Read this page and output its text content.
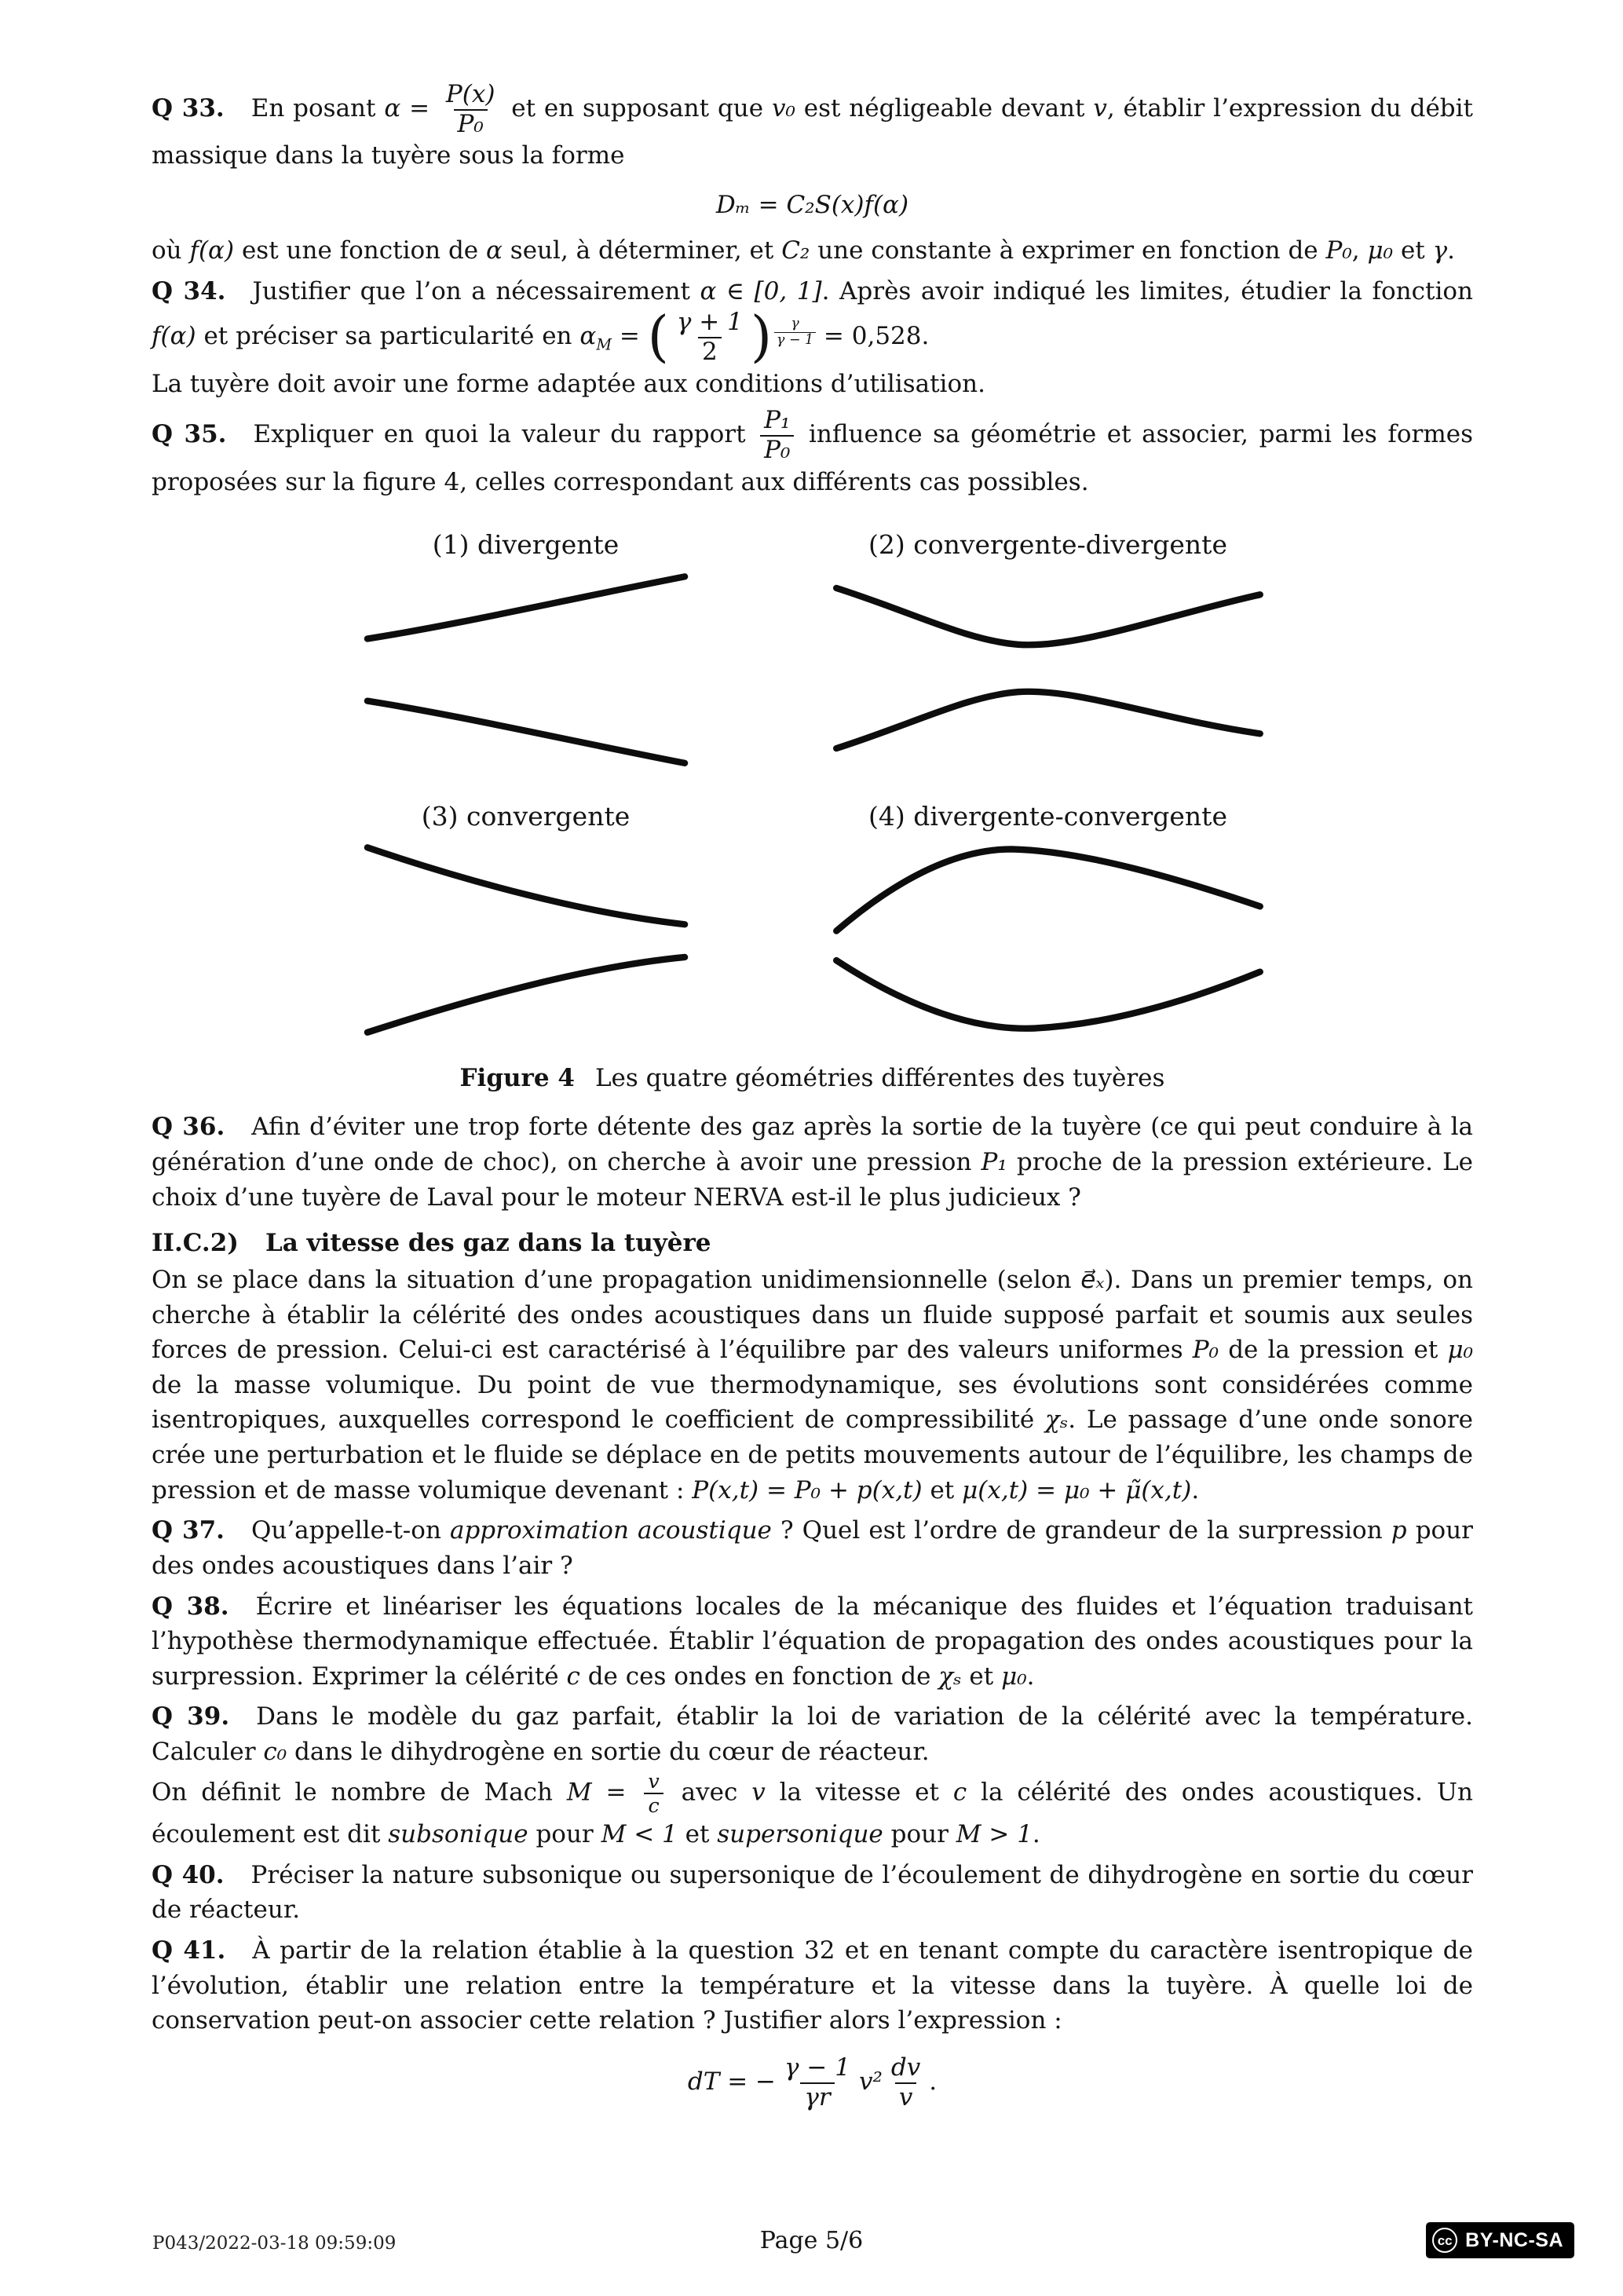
Q 33. En posant $\alpha = \frac{P(x)}{\text{P₀}}$ et en supposant que v₀ est négligeable devant v, établir l’expression du débit massique dans la tuyère sous la forme

Dₘ = C₂S(x)f(α)

où f(α) est une fonction de α seul, à déterminer, et C₂ une constante à exprimer en fonction de P₀, μ₀ et γ.

Q 34. Justifier que l’on a nécessairement α ∈ [0, 1]. Après avoir indiqué les limites, étudier la fonction f(α) et préciser sa particularité en $\alpha_M$ = ( $\frac{\gamma + 1}{2}$ ) $\frac{\gamma}{\gamma - 1} = 0,528$.

La tuyère doit avoir une forme adaptée aux conditions d’utilisation.

Q 35. Expliquer en quoi la valeur du rapport $\frac{\text{P₁}}{\text{P₀}}$ influence sa géométrie et associer, parmi les formes proposées sur la figure 4, celles correspondant aux différents cas possibles.

(1) divergente	(2) convergente-divergente
(3) convergente	(4) divergente-convergente
Figure 4 Les quatre géométries différentes des tuyères

Q 36. Afin d’éviter une trop forte détente des gaz après la sortie de la tuyère (ce qui peut conduire à la génération d’une onde de choc), on cherche à avoir une pression P₁ proche de la pression extérieure. Le choix d’une tuyère de Laval pour le moteur NERVA est-il le plus judicieux ?

II.C.2) La vitesse des gaz dans la tuyère

On se place dans la situation d’une propagation unidimensionnelle (selon e⃗ₓ). Dans un premier temps, on cherche à établir la célérité des ondes acoustiques dans un fluide supposé parfait et soumis aux seules forces de pression. Celui-ci est caractérisé à l’équilibre par des valeurs uniformes P₀ de la pression et μ₀ de la masse volumique. Du point de vue thermodynamique, ses évolutions sont considérées comme isentropiques, auxquelles correspond le coefficient de compressibilité χₛ. Le passage d’une onde sonore crée une perturbation et le fluide se déplace en de petits mouvements autour de l’équilibre, les champs de pression et de masse volumique devenant : P(x,t) = P₀ + p(x,t) et μ(x,t) = μ₀ + μ̃(x,t).

Q 37. Qu’appelle-t-on approximation acoustique ? Quel est l’ordre de grandeur de la surpression p pour des ondes acoustiques dans l’air ?

Q 38. Écrire et linéariser les équations locales de la mécanique des fluides et l’équation traduisant l’hypothèse thermodynamique effectuée. Établir l’équation de propagation des ondes acoustiques pour la surpression. Exprimer la célérité c de ces ondes en fonction de χₛ et μ₀.

Q 39. Dans le modèle du gaz parfait, établir la loi de variation de la célérité avec la température. Calculer c₀ dans le dihydrogène en sortie du cœur de réacteur.

On définit le nombre de Mach $M = \frac{v}{c}$ avec v la vitesse et c la célérité des ondes acoustiques. Un écoulement est dit subsonique pour M < 1 et supersonique pour M > 1.

Q 40. Préciser la nature subsonique ou supersonique de l’écoulement de dihydrogène en sortie du cœur de réacteur.

Q 41. À partir de la relation établie à la question 32 et en tenant compte du caractère isentropique de l’évolution, établir une relation entre la température et la vitesse dans la tuyère. À quelle loi de conservation peut-on associer cette relation ? Justifier alors l’expression :

dT = − $\frac{\gamma - 1}{\gamma r} v^2 \frac{dv}{v}$ .
P043/2022-03-18 09:59:09	Page 5/6	cc BY-NC-SA
